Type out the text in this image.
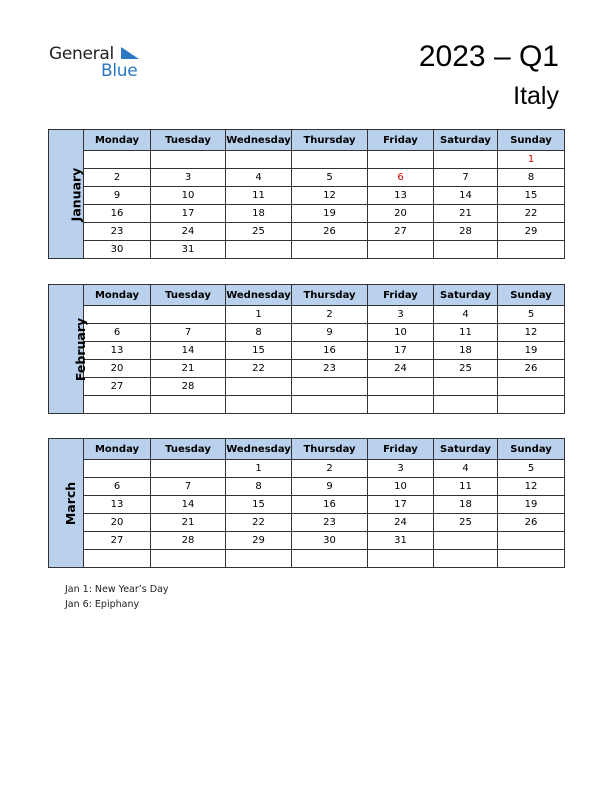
General
Blue	2023 – Q1
Italy
January	Monday	Tuesday	Wednesday	Thursday	Friday	Saturday	Sunday
							1
	2	3	4	5	6	7	8
	9	10	11	12	13	14	15
	16	17	18	19	20	21	22
	23	24	25	26	27	28	29
	30	31					
February	Monday	Tuesday	Wednesday	Thursday	Friday	Saturday	Sunday
			1	2	3	4	5
	6	7	8	9	10	11	12
	13	14	15	16	17	18	19
	20	21	22	23	24	25	26
	27	28					

March	Monday	Tuesday	Wednesday	Thursday	Friday	Saturday	Sunday
			1	2	3	4	5
	6	7	8	9	10	11	12
	13	14	15	16	17	18	19
	20	21	22	23	24	25	26
	27	28	29	30	31		

Jan 1: New Year’s Day
Jan 6: Epiphany
